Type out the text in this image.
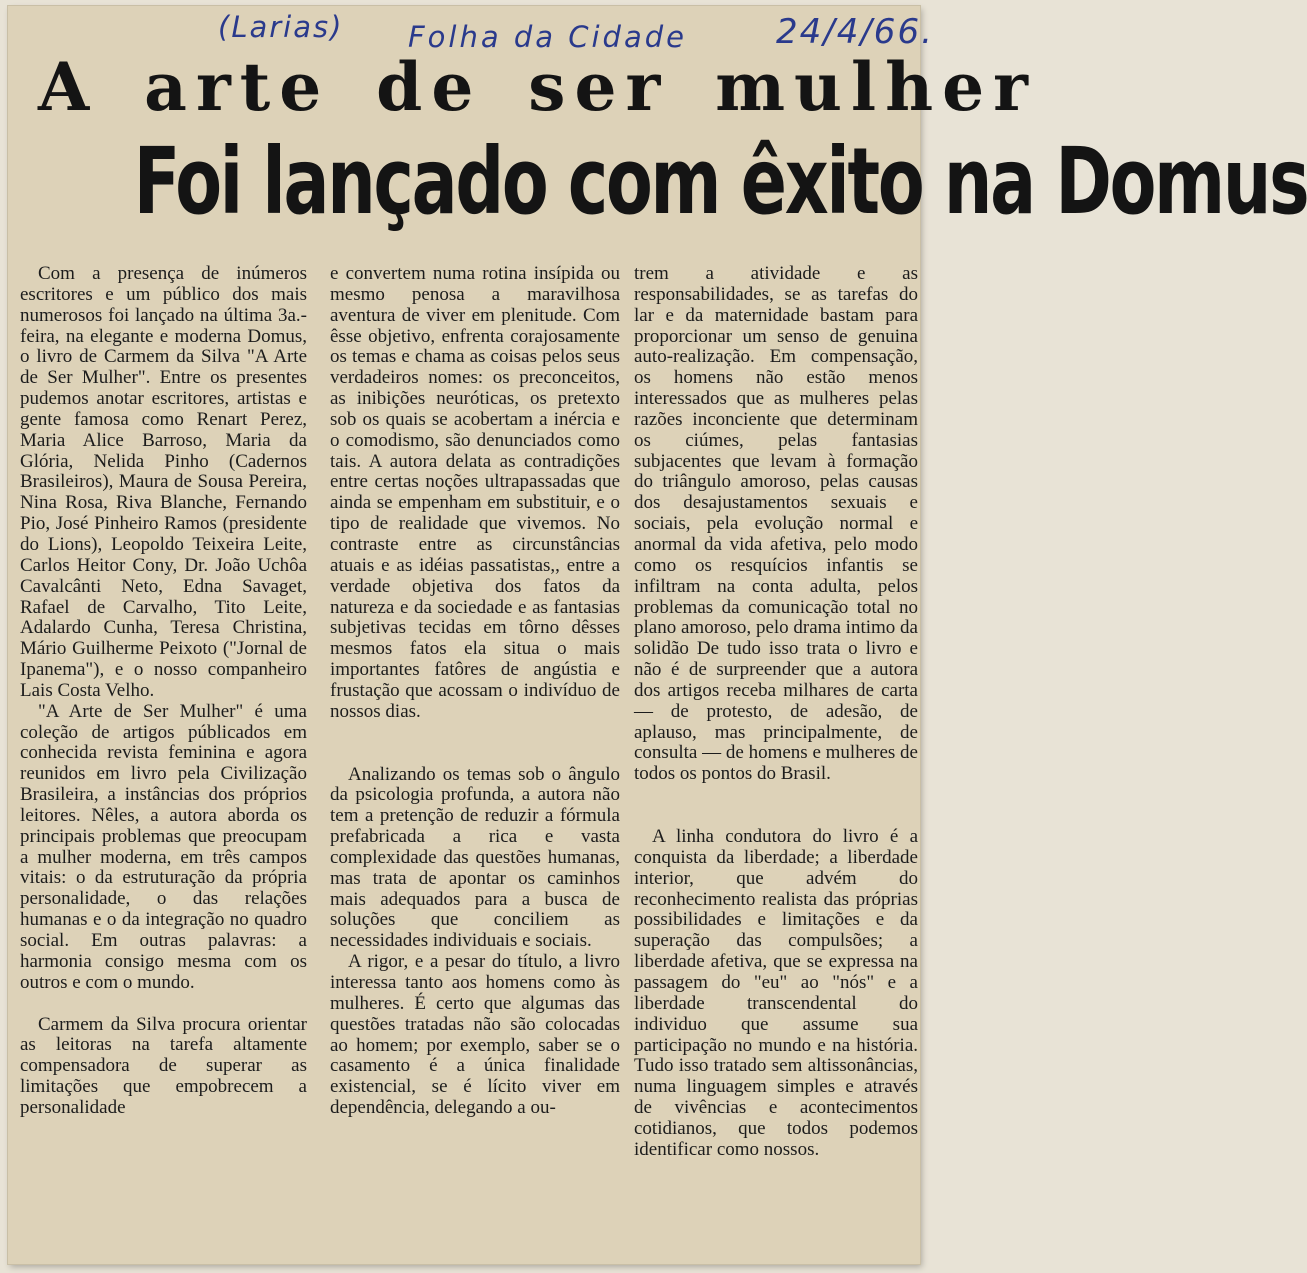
(Larias) Folha da Cidade	24/4/66.
A arte de ser mulher
Foi lançado com êxito na Domus

Com a presença de inúmeros escritores e um público dos mais numerosos foi lançado na última 3a.-feira, na elegante e moderna Domus, o livro de Carmem da Silva "A Arte de Ser Mulher". Entre os presentes pudemos anotar escritores, artistas e gente famosa como Renart Perez, Maria Alice Barroso, Maria da Glória, Nelida Pinho (Cadernos Brasileiros), Maura de Sousa Pereira, Nina Rosa, Riva Blanche, Fernando Pio, José Pinheiro Ramos (presidente do Lions), Leopoldo Teixeira Leite, Carlos Heitor Cony, Dr. João Uchôa Cavalcânti Neto, Edna Savaget, Rafael de Carvalho, Tito Leite, Adalardo Cunha, Teresa Christina, Mário Guilherme Peixoto ("Jornal de Ipanema"), e o nosso companheiro Lais Costa Velho.

"A Arte de Ser Mulher" é uma coleção de artigos públicados em conhecida revista feminina e agora reunidos em livro pela Civilização Brasileira, a instâncias dos próprios leitores. Nêles, a autora aborda os principais problemas que preocupam a mulher moderna, em três campos vitais: o da estruturação da própria personalidade, o das relações humanas e o da integração no quadro social. Em outras palavras: a harmonia consigo mesma com os outros e com o mundo.

Carmem da Silva procura orientar as leitoras na tarefa altamente compensadora de superar as limitações que empobrecem a personalidade

e convertem numa rotina insípida ou mesmo penosa a maravilhosa aventura de viver em plenitude. Com êsse objetivo, enfrenta corajosamente os temas e chama as coisas pelos seus verdadeiros nomes: os preconceitos, as inibições neuróticas, os pretexto sob os quais se acobertam a inércia e o comodismo, são denunciados como tais. A autora delata as contradições entre certas noções ultrapassadas que ainda se empenham em substituir, e o tipo de realidade que vivemos. No contraste entre as circunstâncias atuais e as idéias passatistas,, entre a verdade objetiva dos fatos da natureza e da sociedade e as fantasias subjetivas tecidas em tôrno dêsses mesmos fatos ela situa o mais importantes fatôres de angústia e frustação que acossam o indivíduo de nossos dias.

Analizando os temas sob o ângulo da psicologia profunda, a autora não tem a pretenção de reduzir a fórmula prefabricada a rica e vasta complexidade das questões humanas, mas trata de apontar os caminhos mais adequados para a busca de soluções que conciliem as necessidades individuais e sociais.

A rigor, e a pesar do título, a livro interessa tanto aos homens como às mulheres. É certo que algumas das questões tratadas não são colocadas ao homem; por exemplo, saber se o casamento é a única finalidade existencial, se é lícito viver em dependência, delegando a ou-

trem a atividade e as responsabilidades, se as tarefas do lar e da maternidade bastam para proporcionar um senso de genuina auto-realização. Em compensação, os homens não estão menos interessados que as mulheres pelas razões inconciente que determinam os ciúmes, pelas fantasias subjacentes que levam à formação do triângulo amoroso, pelas causas dos desajustamentos sexuais e sociais, pela evolução normal e anormal da vida afetiva, pelo modo como os resquícios infantis se infiltram na conta adulta, pelos problemas da comunicação total no plano amoroso, pelo drama intimo da solidão De tudo isso trata o livro e não é de surpreender que a autora dos artigos receba milhares de carta — de protesto, de adesão, de aplauso, mas principalmente, de consulta — de homens e mulheres de todos os pontos do Brasil.

A linha condutora do livro é a conquista da liberdade; a liberdade interior, que advém do reconhecimento realista das próprias possibilidades e limitações e da superação das compulsões; a liberdade afetiva, que se expressa na passagem do "eu" ao "nós" e a liberdade transcendental do individuo que assume sua participação no mundo e na história. Tudo isso tratado sem altissonâncias, numa linguagem simples e através de vivências e acontecimentos cotidianos, que todos podemos identificar como nossos.
